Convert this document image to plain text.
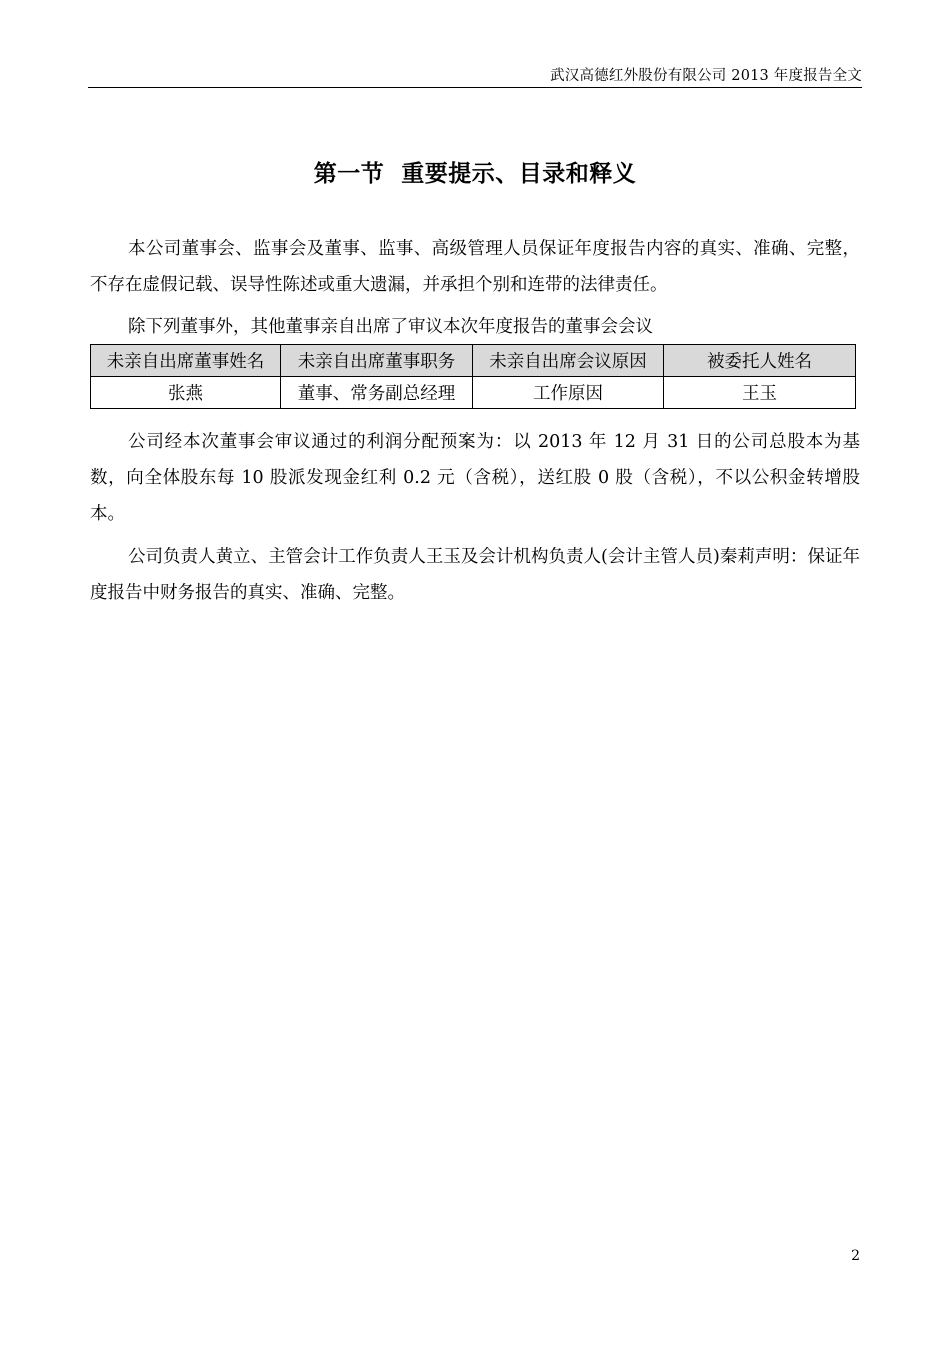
武汉高德红外股份有限公司 2013 年度报告全文
第一节  重要提示、目录和释义

本公司董事会、监事会及董事、监事、高级管理人员保证年度报告内容的真实、准确、完整，不存在虚假记载、误导性陈述或重大遗漏，并承担个别和连带的法律责任。

除下列董事外，其他董事亲自出席了审议本次年度报告的董事会会议

未亲自出席董事姓名	未亲自出席董事职务	未亲自出席会议原因	被委托人姓名
张燕	董事、常务副总经理	工作原因	王玉

公司经本次董事会审议通过的利润分配预案为：以 2013 年 12 月 31 日的公司总股本为基数，向全体股东每 10 股派发现金红利 0.2 元（含税），送红股 0 股（含税），不以公积金转增股本。

公司负责人黄立、主管会计工作负责人王玉及会计机构负责人(会计主管人员)秦莉声明：保证年度报告中财务报告的真实、准确、完整。

2
